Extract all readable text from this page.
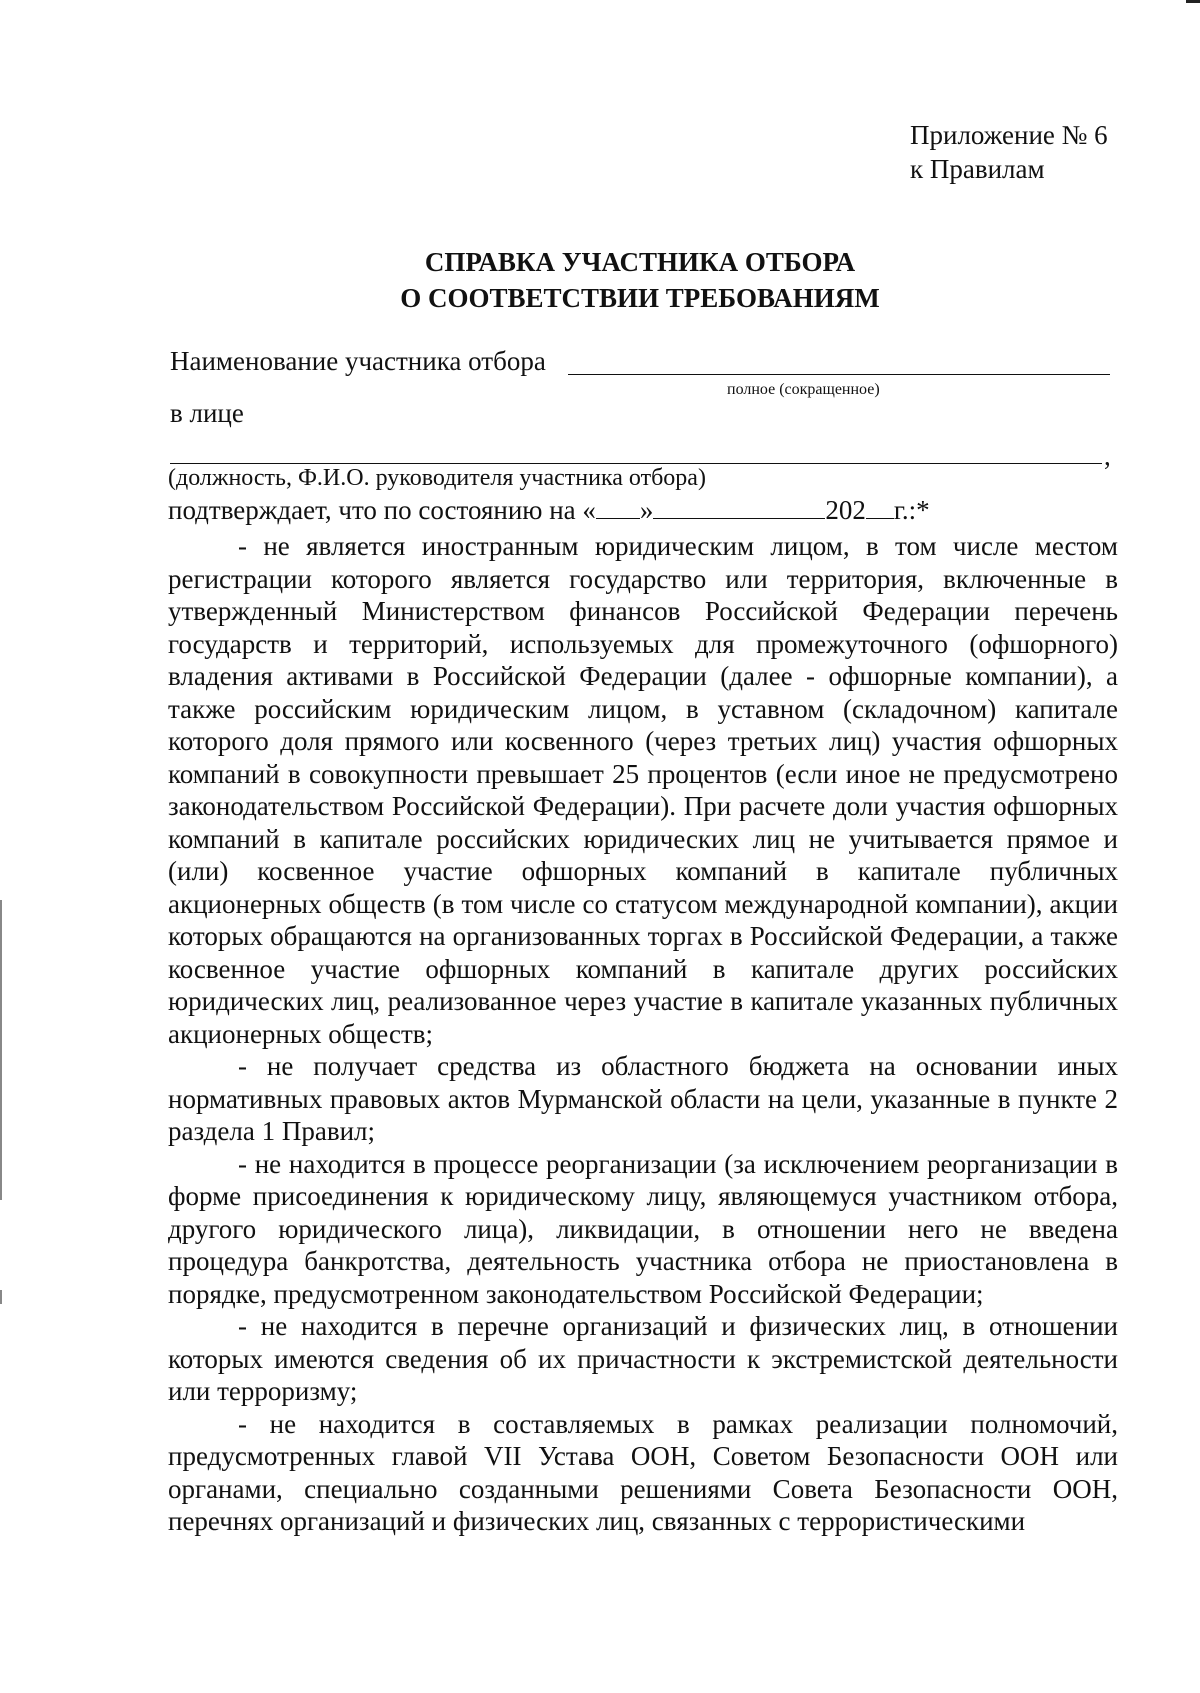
Приложение № 6
к Правилам
СПРАВКА УЧАСТНИКА ОТБОРА
О СООТВЕТСТВИИ ТРЕБОВАНИЯМ
Наименование участника отбора
полное (сокращенное)
в лице
,
(должность, Ф.И.О. руководителя участника отбора)
подтверждает, что по состоянию на « »	202 г.:*

- не является иностранным юридическим лицом, в том числе местом регистрации которого является государство или территория, включенные в утвержденный Министерством финансов Российской Федерации перечень государств и территорий, используемых для промежуточного (офшорного) владения активами в Российской Федерации (далее - офшорные компании), а также российским юридическим лицом, в уставном (складочном) капитале которого доля прямого или косвенного (через третьих лиц) участия офшорных компаний в совокупности превышает 25 процентов (если иное не предусмотрено законодательством Российской Федерации). При расчете доли участия офшорных компаний в капитале российских юридических лиц не учитывается прямое и (или) косвенное участие офшорных компаний в капитале публичных акционерных обществ (в том числе со статусом международной компании), акции которых обращаются на организованных торгах в Российской Федерации, а также косвенное участие офшорных компаний в капитале других российских юридических лиц, реализованное через участие в капитале указанных публичных акционерных обществ;

- не получает средства из областного бюджета на основании иных нормативных правовых актов Мурманской области на цели, указанные в пункте 2 раздела 1 Правил;

- не находится в процессе реорганизации (за исключением реорганизации в форме присоединения к юридическому лицу, являющемуся участником отбора, другого юридического лица), ликвидации, в отношении него не введена процедура банкротства, деятельность участника отбора не приостановлена в порядке, предусмотренном законодательством Российской Федерации;

- не находится в перечне организаций и физических лиц, в отношении которых имеются сведения об их причастности к экстремистской деятельности или терроризму;

- не находится в составляемых в рамках реализации полномочий, предусмотренных главой VII Устава ООН, Советом Безопасности ООН или органами, специально созданными решениями Совета Безопасности ООН, перечнях организаций и физических лиц, связанных с террористическими
